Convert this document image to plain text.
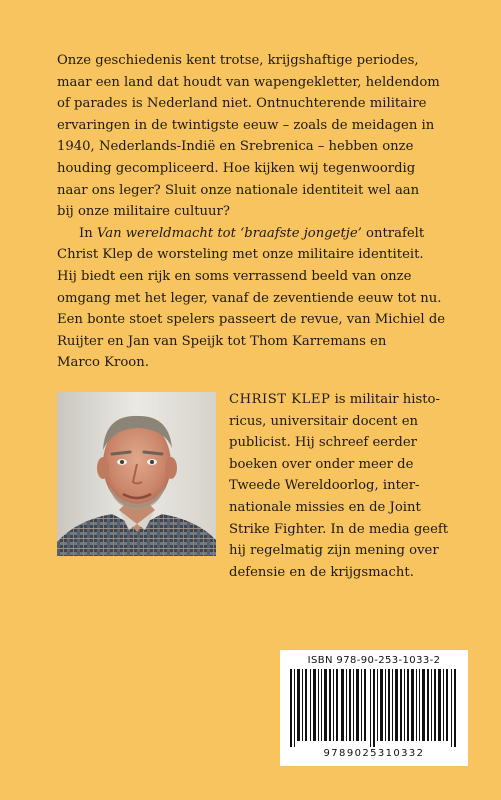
Onze geschiedenis kent trotse, krijgshaftige periodes,
maar een land dat houdt van wapengekletter, heldendom
of parades is Nederland niet. Ontnuchterende militaire
ervaringen in de twintigste eeuw – zoals de meidagen in
1940, Nederlands-Indië en Srebrenica – hebben onze
houding gecompliceerd. Hoe kijken wij tegenwoordig
naar ons leger? Sluit onze nationale identiteit wel aan
bij onze militaire cultuur?

In Van wereldmacht tot ‘braafste jongetje’ ontrafelt
Christ Klep de worsteling met onze militaire identiteit.
Hij biedt een rijk en soms verrassend beeld van onze
omgang met het leger, vanaf de zeventiende eeuw tot nu.
Een bonte stoet spelers passeert de revue, van Michiel de
Ruijter en Jan van Speijk tot Thom Karremans en
Marco Kroon.

CHRIST KLEP is militair histo-
ricus, universitair docent en
publicist. Hij schreef eerder
boeken over onder meer de
Tweede Wereldoorlog, inter-
nationale missies en de Joint
Strike Fighter. In de media geeft
hij regelmatig zijn mening over
defensie en de krijgsmacht.
ISBN 978-90-253-1033-2
9789025310332
